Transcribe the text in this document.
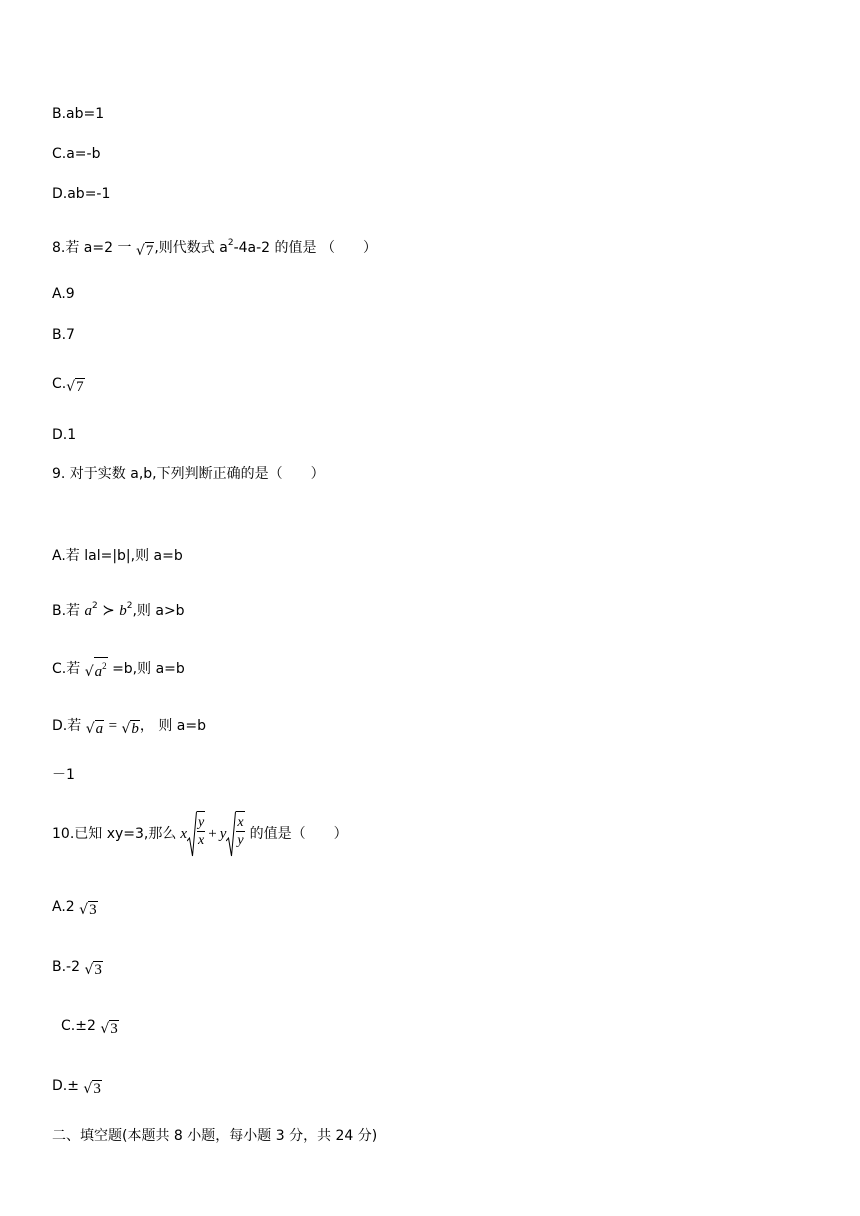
B.ab=1
C.a=-b
D.ab=-1
8.若 a=2 一 √ 7 ,则代数式 $a^2-4a-2$ 的值是 （　　）
A.9
B.7
C. √ 7
D.1
9. 对于实数 a,b,下列判断正确的是（　　）
A.若 lal=|b|,则 a=b
B.若 $a^2$ ≻ $b^2$,则 a>b
C.若 √ $a^2 =b$,则 a=b
D.若 √ a = √ b ， 则 a=b
－1
10.已知 xy=3,那么 x $\frac{y}{x} + y \frac{x}{y}$ 的值是（　　）
A.2 √ 3
B.-2 √ 3
C.±2 √ 3
D.± √ 3
二、填空题(本题共 8 小题，每小题 3 分，共 24 分)
